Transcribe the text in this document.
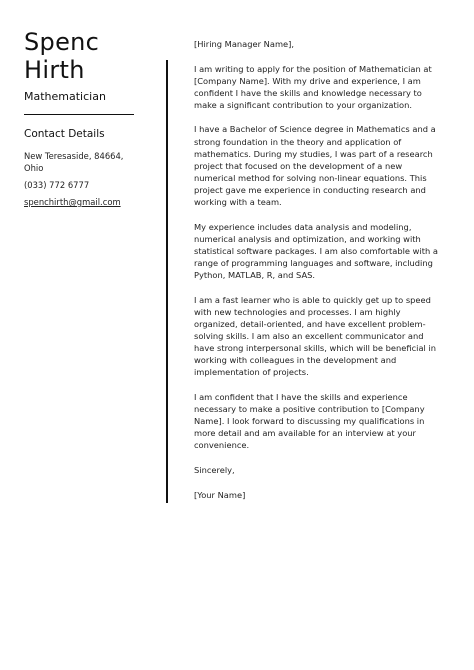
Spenc
Hirth
Mathematician
Contact Details
New Teresaside, 84664,
Ohio
(033) 772 6777
spenchirth@gmail.com

[Hiring Manager Name],

I am writing to apply for the position of Mathematician at [Company Name]. With my drive and experience, I am confident I have the skills and knowledge necessary to make a significant contribution to your organization.

I have a Bachelor of Science degree in Mathematics and a strong foundation in the theory and application of mathematics. During my studies, I was part of a research project that focused on the development of a new numerical method for solving non-linear equations. This project gave me experience in conducting research and working with a team.

My experience includes data analysis and modeling, numerical analysis and optimization, and working with statistical software packages. I am also comfortable with a range of programming languages and software, including Python, MATLAB, R, and SAS.

I am a fast learner who is able to quickly get up to speed with new technologies and processes. I am highly organized, detail-oriented, and have excellent problem-solving skills. I am also an excellent communicator and have strong interpersonal skills, which will be beneficial in working with colleagues in the development and implementation of projects.

I am confident that I have the skills and experience necessary to make a positive contribution to [Company Name]. I look forward to discussing my qualifications in more detail and am available for an interview at your convenience.

Sincerely,

[Your Name]
